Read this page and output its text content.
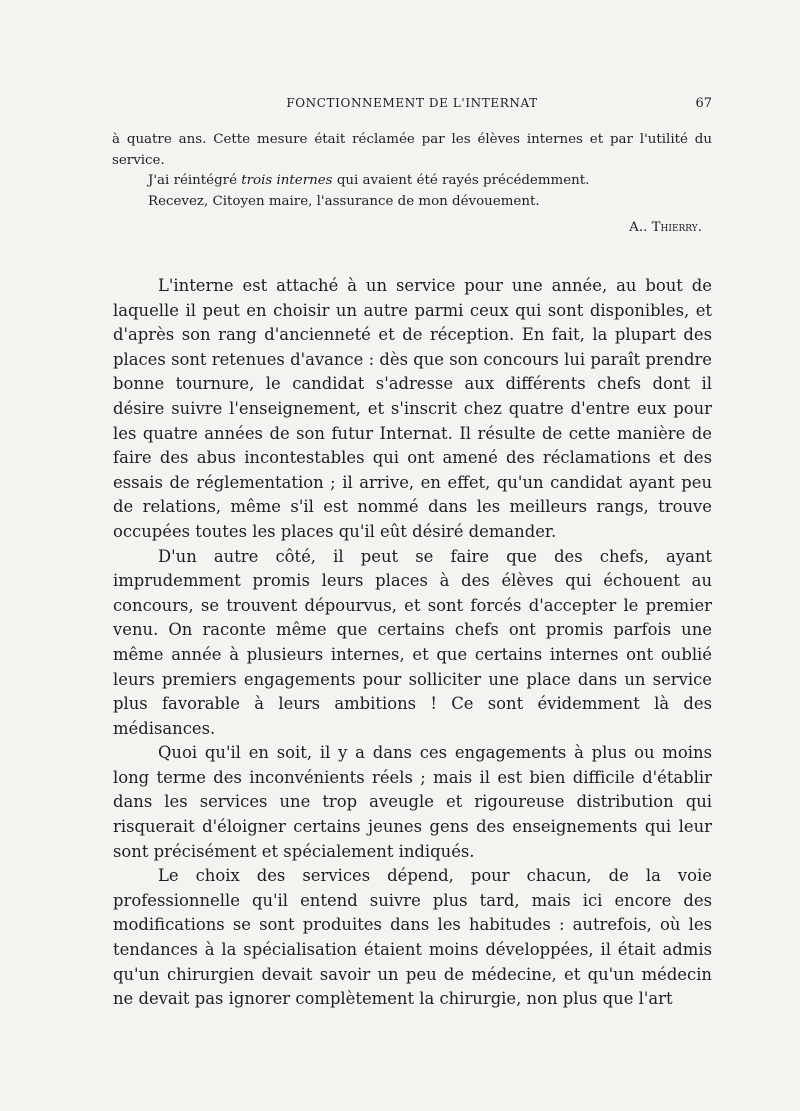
FONCTIONNEMENT DE L'INTERNAT	67

à quatre ans. Cette mesure était réclamée par les élèves internes et par l'utilité du service.

J'ai réintégré trois internes qui avaient été rayés précédemment.

Recevez, Citoyen maire, l'assurance de mon dévouement.

A.. Thierry.

L'interne est attaché à un service pour une année, au bout de laquelle il peut en choisir un autre parmi ceux qui sont disponibles, et d'après son rang d'ancienneté et de réception. En fait, la plupart des places sont retenues d'avance : dès que son concours lui paraît prendre bonne tournure, le candidat s'adresse aux différents chefs dont il désire suivre l'enseignement, et s'inscrit chez quatre d'entre eux pour les quatre années de son futur Internat. Il résulte de cette manière de faire des abus incontestables qui ont amené des réclamations et des essais de réglementation ; il arrive, en effet, qu'un candidat ayant peu de relations, même s'il est nommé dans les meilleurs rangs, trouve occupées toutes les places qu'il eût désiré demander.

D'un autre côté, il peut se faire que des chefs, ayant imprudemment promis leurs places à des élèves qui échouent au concours, se trouvent dépourvus, et sont forcés d'accepter le premier venu. On raconte même que certains chefs ont promis parfois une même année à plusieurs internes, et que certains internes ont oublié leurs premiers engagements pour solliciter une place dans un service plus favorable à leurs ambitions ! Ce sont évidemment là des médisances.

Quoi qu'il en soit, il y a dans ces engagements à plus ou moins long terme des inconvénients réels ; mais il est bien difficile d'établir dans les services une trop aveugle et rigoureuse distribution qui risquerait d'éloigner certains jeunes gens des enseignements qui leur sont précisément et spécialement indiqués.

Le choix des services dépend, pour chacun, de la voie professionnelle qu'il entend suivre plus tard, mais ici encore des modifications se sont produites dans les habitudes : autrefois, où les tendances à la spécialisation étaient moins développées, il était admis qu'un chirurgien devait savoir un peu de médecine, et qu'un médecin ne devait pas ignorer complètement la chirurgie, non plus que l'art
